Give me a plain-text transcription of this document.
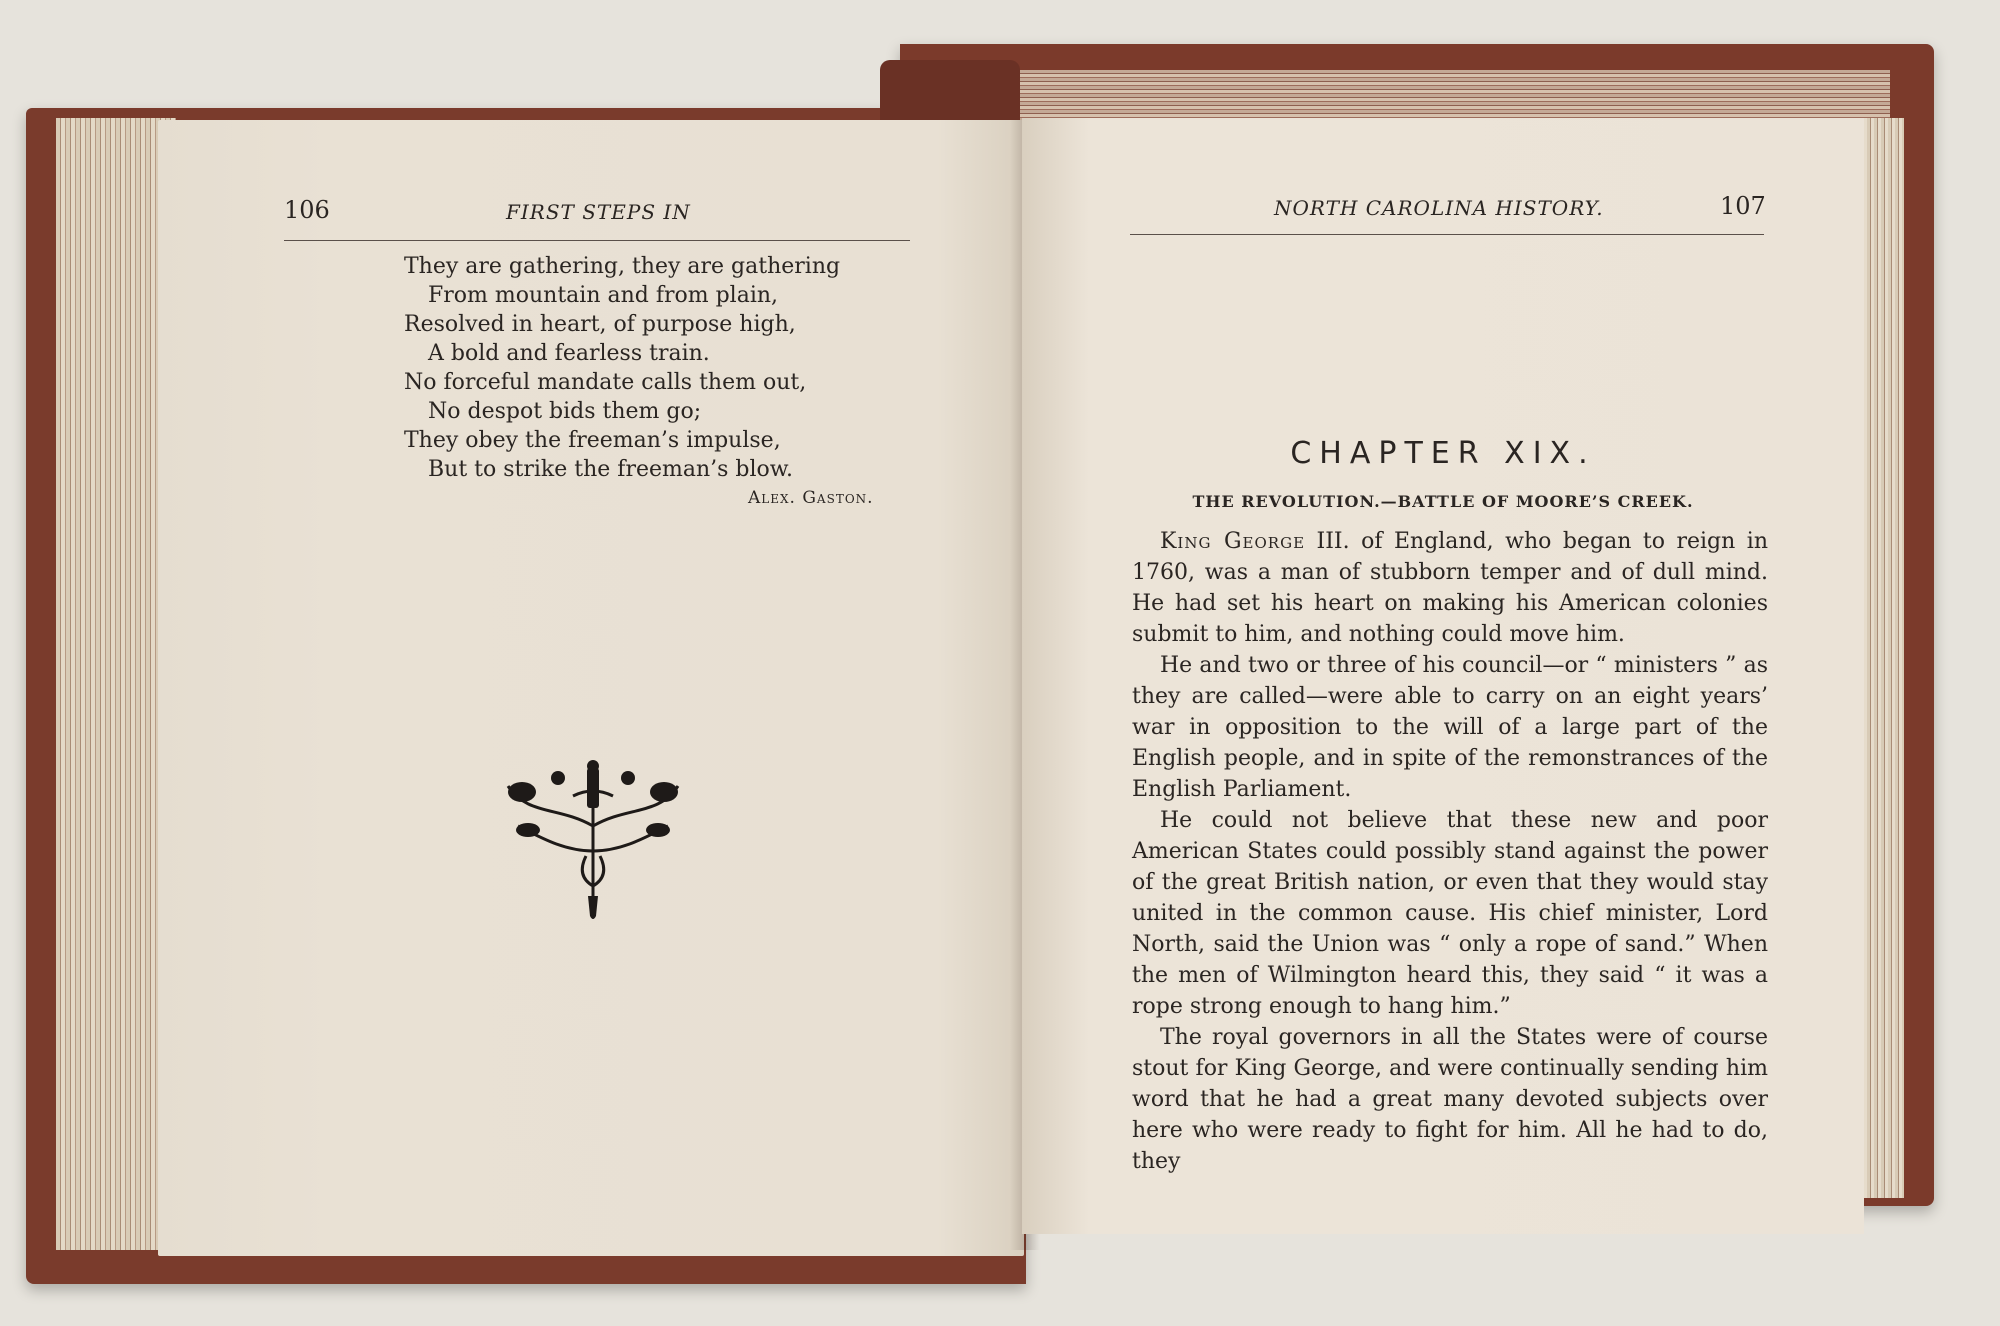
106	FIRST STEPS IN
They are gathering, they are gathering
From mountain and from plain,
Resolved in heart, of purpose high,
A bold and fearless train.
No forceful mandate calls them out,
No despot bids them go;
They obey the freeman’s impulse,
But to strike the freeman’s blow.
Alex. Gaston.
NORTH CAROLINA HISTORY.	107
CHAPTER XIX.
THE REVOLUTION.—BATTLE OF MOORE’S CREEK.

King George III. of England, who began to reign in 1760, was a man of stubborn temper and of dull mind. He had set his heart on making his American colonies submit to him, and nothing could move him.

He and two or three of his council—or “ ministers ” as they are called—were able to carry on an eight years’ war in opposition to the will of a large part of the English people, and in spite of the remonstrances of the English Parliament.

He could not believe that these new and poor American States could possibly stand against the power of the great British nation, or even that they would stay united in the common cause. His chief minister, Lord North, said the Union was “ only a rope of sand.” When the men of Wilmington heard this, they said “ it was a rope strong enough to hang him.”

The royal governors in all the States were of course stout for King George, and were continually sending him word that he had a great many devoted subjects over here who were ready to fight for him. All he had to do, they
